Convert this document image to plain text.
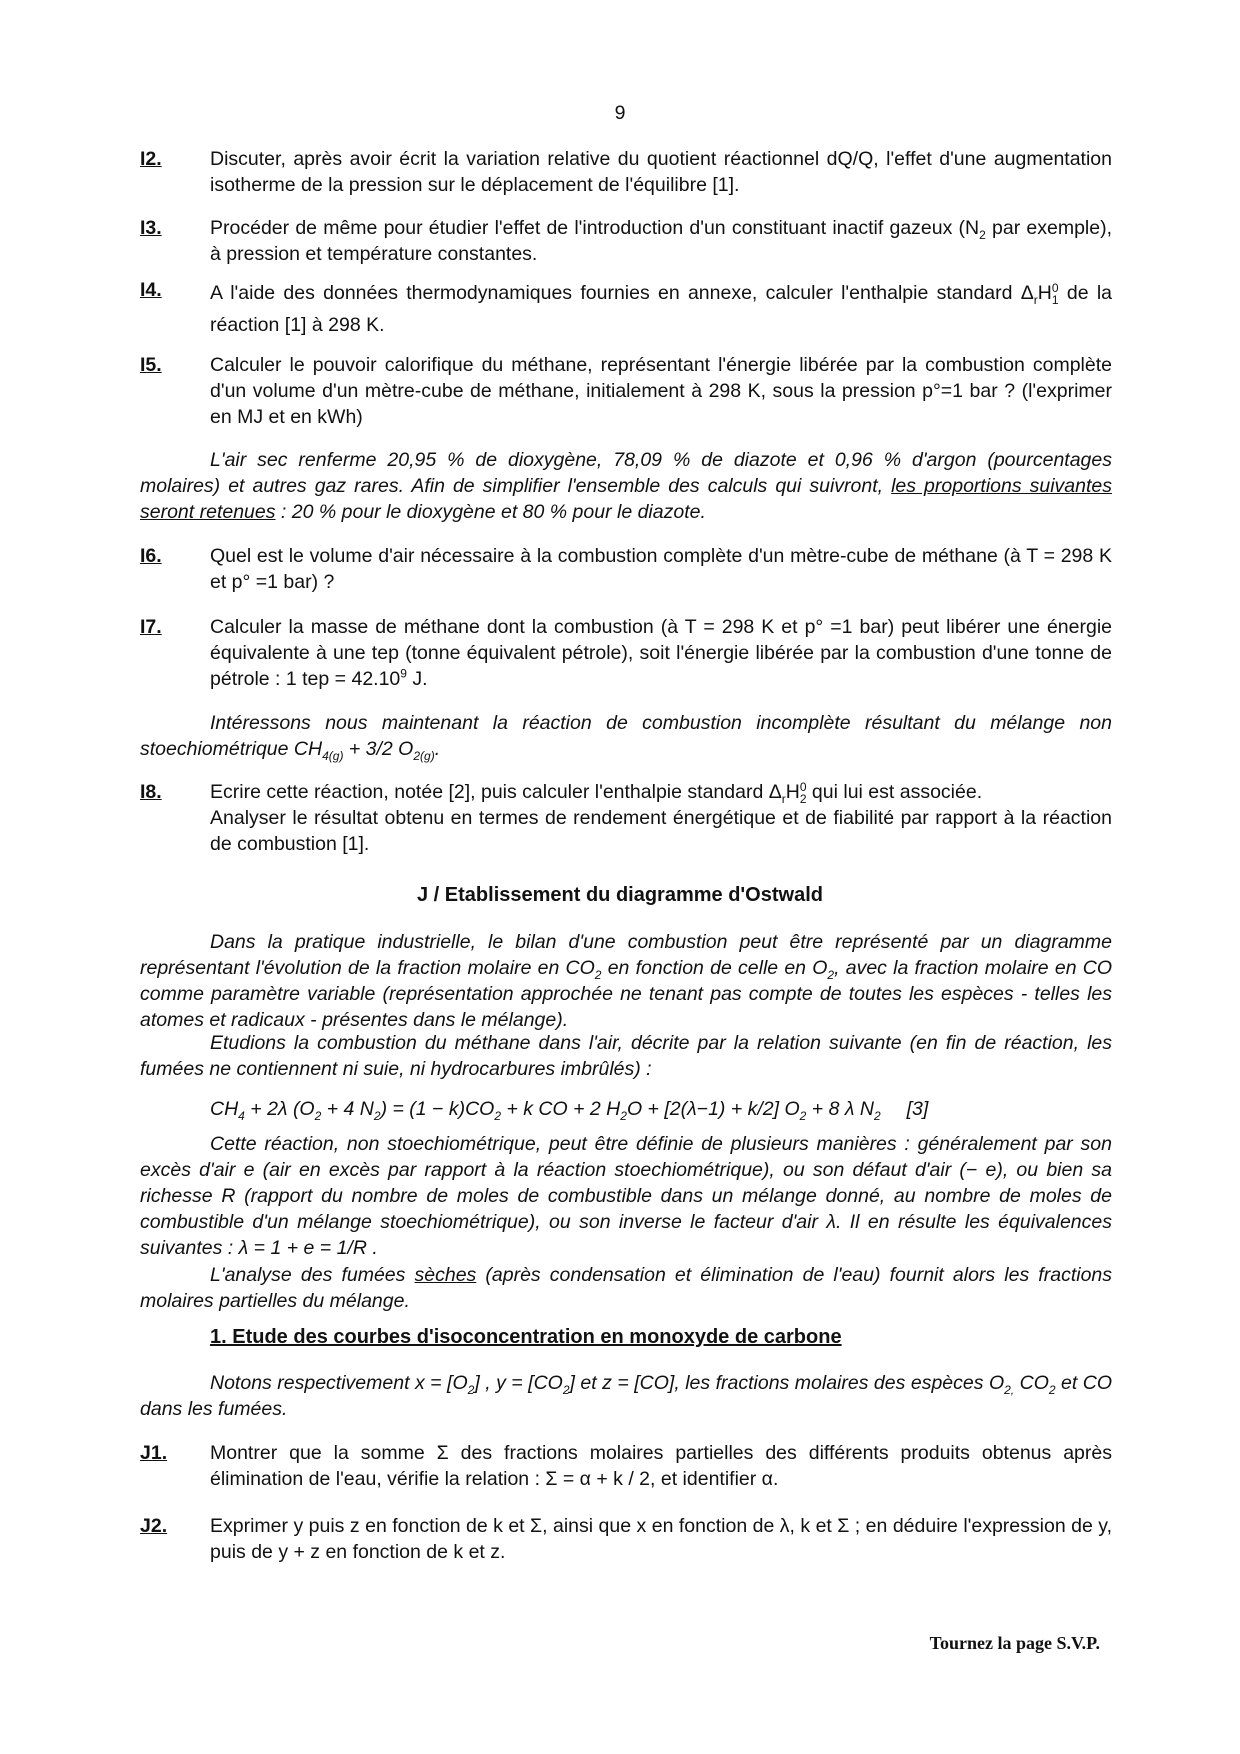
9
I2. Discuter, après avoir écrit la variation relative du quotient réactionnel dQ/Q, l'effet d'une augmentation isotherme de la pression sur le déplacement de l'équilibre [1].
I3. Procéder de même pour étudier l'effet de l'introduction d'un constituant inactif gazeux ($N_2$ par exemple), à pression et température constantes.
I4. A l'aide des données thermodynamiques fournies en annexe, calculer l'enthalpie standard $\Delta_rH$ 0
1 de la réaction [1] à 298 K.
I5. Calculer le pouvoir calorifique du méthane, représentant l'énergie libérée par la combustion complète d'un volume d'un mètre-cube de méthane, initialement à 298 K, sous la pression p°=1 bar ? (l'exprimer en MJ et en kWh)
L'air sec renferme 20,95 % de dioxygène, 78,09 % de diazote et 0,96 % d'argon (pourcentages molaires) et autres gaz rares. Afin de simplifier l'ensemble des calculs qui suivront, les proportions suivantes seront retenues : 20 % pour le dioxygène et 80 % pour le diazote.
I6. Quel est le volume d'air nécessaire à la combustion complète d'un mètre-cube de méthane (à T = 298 K et p° =1 bar) ?
I7. Calculer la masse de méthane dont la combustion (à T = 298 K et p° =1 bar) peut libérer une énergie équivalente à une tep (tonne équivalent pétrole), soit l'énergie libérée par la combustion d'une tonne de pétrole : 1 tep = $42.10^9$ J.
Intéressons nous maintenant la réaction de combustion incomplète résultant du mélange non stoechiométrique $CH_{4(g)} + 3/2$ $O_{2(g)}$.
I8. Ecrire cette réaction, notée [2], puis calculer l'enthalpie standard $\Delta_rH$ 0
2 qui lui est associée.
Analyser le résultat obtenu en termes de rendement énergétique et de fiabilité par rapport à la réaction de combustion [1].
J / Etablissement du diagramme d'Ostwald
Dans la pratique industrielle, le bilan d'une combustion peut être représenté par un diagramme représentant l'évolution de la fraction molaire en $CO_2$ en fonction de celle en $O_2$, avec la fraction molaire en CO comme paramètre variable (représentation approchée ne tenant pas compte de toutes les espèces - telles les atomes et radicaux - présentes dans le mélange).
Etudions la combustion du méthane dans l'air, décrite par la relation suivante (en fin de réaction, les fumées ne contiennent ni suie, ni hydrocarbures imbrûlés) :
$CH_4 + 2\lambda$ ($O_2 + 4$ $N_2) = (1 - k)CO_2 + k$ CO + 2 $H_2O + [2(\lambda-1) + k/2] O_2 + 8$ λ $N_2$ [3]
Cette réaction, non stoechiométrique, peut être définie de plusieurs manières : généralement par son excès d'air e (air en excès par rapport à la réaction stoechiométrique), ou son défaut d'air (− e), ou bien sa richesse R (rapport du nombre de moles de combustible dans un mélange donné, au nombre de moles de combustible d'un mélange stoechiométrique), ou son inverse le facteur d'air λ. Il en résulte les équivalences suivantes : λ = 1 + e = 1/R .
L'analyse des fumées sèches (après condensation et élimination de l'eau) fournit alors les fractions molaires partielles du mélange.
1. Etude des courbes d'isoconcentration en monoxyde de carbone
Notons respectivement $x = [O_2]$ , $y = [CO_2]$ et z = [CO], les fractions molaires des espèces $O_{2,}$ $CO_2$ et CO dans les fumées.
J1. Montrer que la somme Σ des fractions molaires partielles des différents produits obtenus après élimination de l'eau, vérifie la relation : Σ = α + k / 2, et identifier α.
J2. Exprimer y puis z en fonction de k et Σ, ainsi que x en fonction de λ, k et Σ ; en déduire l'expression de y, puis de y + z en fonction de k et z.
Tournez la page S.V.P.
